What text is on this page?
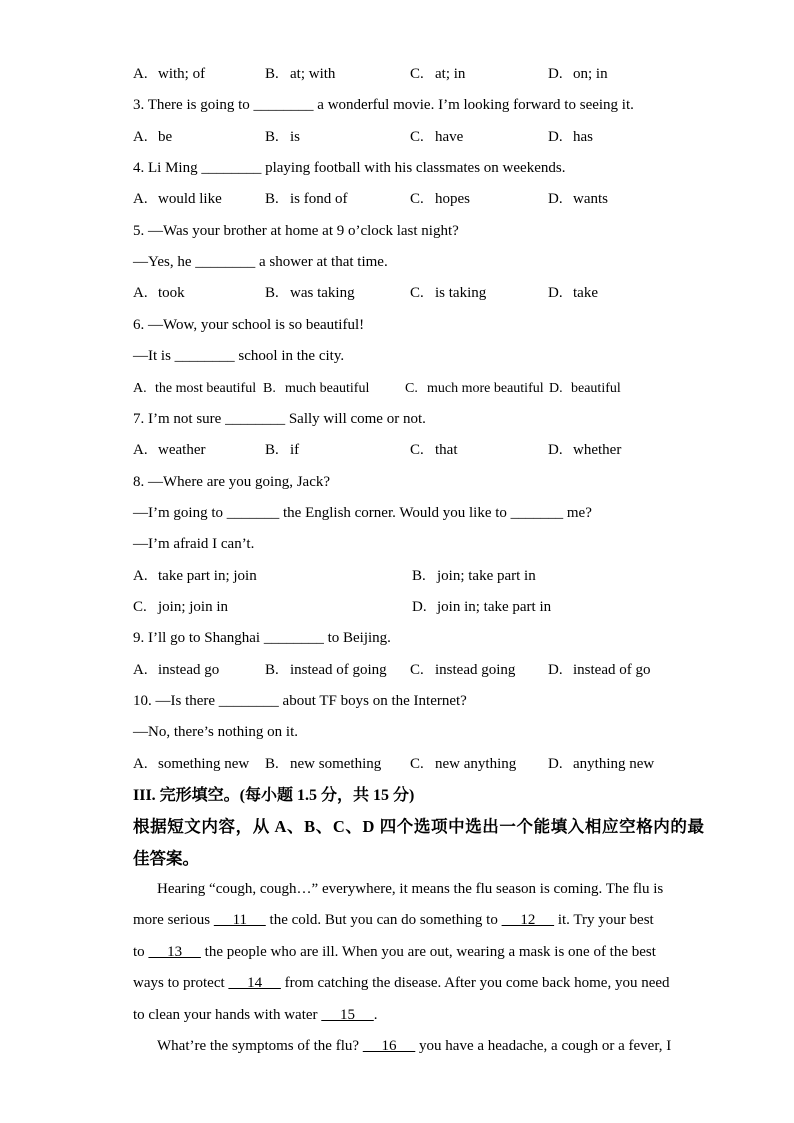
A. with; of	B. at; with	C. at; in	D. on; in
3. There is going to ________ a wonderful movie. I’m looking forward to seeing it.
A. be	B. is	C. have	D. has
4. Li Ming ________ playing football with his classmates on weekends.
A. would like	B. is fond of	C. hopes	D. wants
5. —Was your brother at home at 9 o’clock last night?
—Yes, he ________ a shower at that time.
A. took	B. was taking	C. is taking	D. take
6. —Wow, your school is so beautiful!
—It is ________ school in the city.
A. the most beautiful B. much beautiful	C. much more beautiful D. beautiful
7. I’m not sure ________ Sally will come or not.
A. weather	B. if	C. that	D. whether
8. —Where are you going, Jack?
—I’m going to _______ the English corner. Would you like to _______ me?
—I’m afraid I can’t.
A. take part in; join	B. join; take part in
C. join; join in	D. join in; take part in
9. I’ll go to Shanghai ________ to Beijing.
A. instead go	B. instead of going C. instead going D. instead of go
10. —Is there ________ about TF boys on the Internet?
—No, there’s nothing on it.
A. something new B. new something C. new anything D. anything new
III. 完形填空。(每小题 1.5 分，共 15 分)
根据短文内容，从 A、B、C、D 四个选项中选出一个能填入相应空格内的最
佳答案。
Hearing “cough, cough…” everywhere, it means the flu season is coming. The flu is
more serious      11      the cold. But you can do something to      12      it. Try your best
to      13      the people who are ill. When you are out, wearing a mask is one of the best
ways to protect      14      from catching the disease. After you come back home, you need
to clean your hands with water      15     .
What’re the symptoms of the flu?      16      you have a headache, a cough or a fever, I
